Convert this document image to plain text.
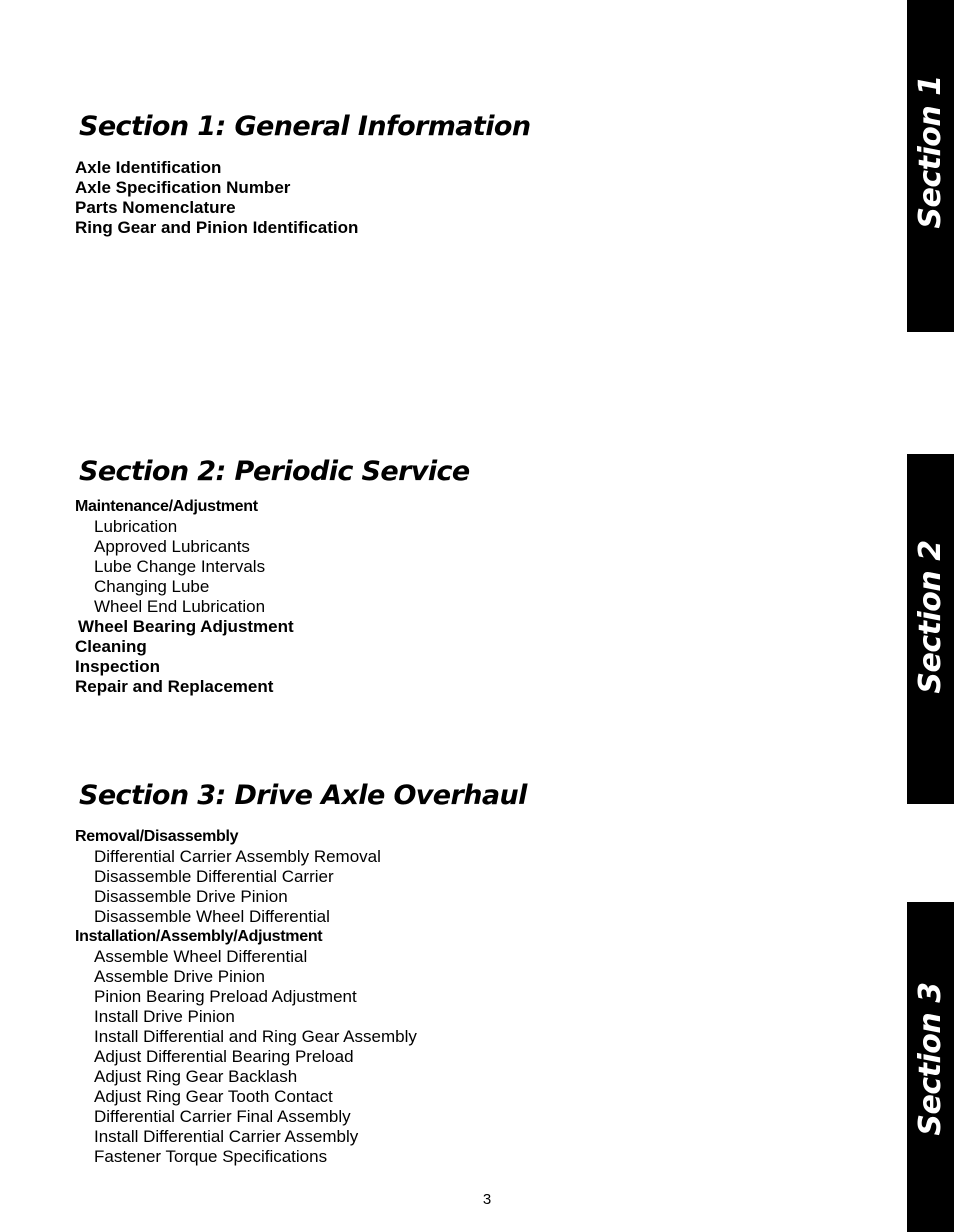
Section 1: General Information
Axle Identification
Axle Specification Number
Parts Nomenclature
Ring Gear and Pinion Identification
Section 2: Periodic Service
Maintenance/Adjustment
Lubrication
Approved Lubricants
Lube Change Intervals
Changing Lube
Wheel End Lubrication
Wheel Bearing Adjustment
Cleaning
Inspection
Repair and Replacement
Section 3: Drive Axle Overhaul
Removal/Disassembly
Differential Carrier Assembly Removal
Disassemble Differential Carrier
Disassemble Drive Pinion
Disassemble Wheel Differential
Installation/Assembly/Adjustment
Assemble Wheel Differential
Assemble Drive Pinion
Pinion Bearing Preload Adjustment
Install Drive Pinion
Install Differential and Ring Gear Assembly
Adjust Differential Bearing Preload
Adjust Ring Gear Backlash
Adjust Ring Gear Tooth Contact
Differential Carrier Final Assembly
Install Differential Carrier Assembly
Fastener Torque Specifications
Section 1
Section 2
Section 3
3
